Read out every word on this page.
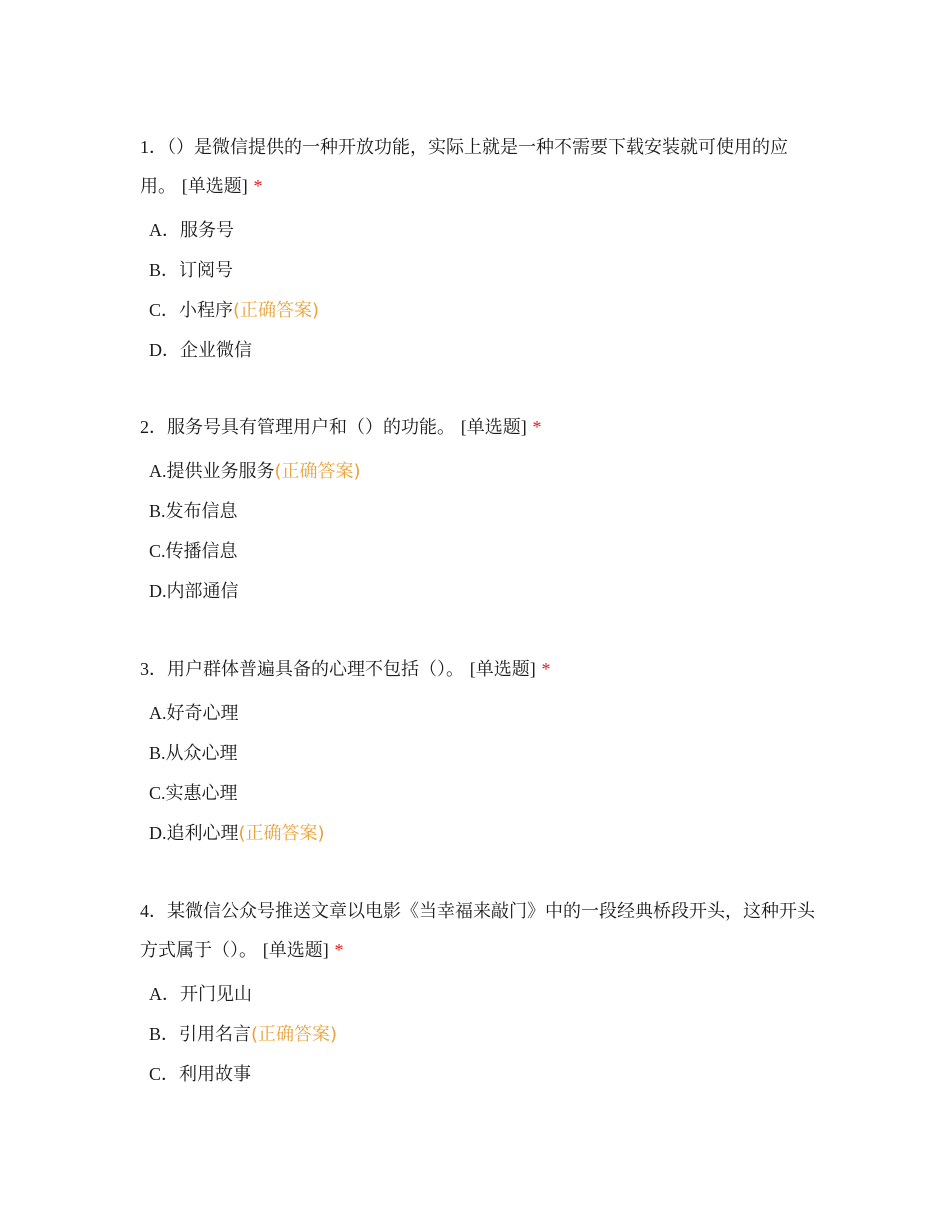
1．（）是微信提供的一种开放功能，实际上就是一种不需要下载安装就可使用的应用。 [单选题] *

A．服务号
B．订阅号
C．小程序(正确答案)
D．企业微信

2．服务号具有管理用户和（）的功能。 [单选题] *

A.提供业务服务(正确答案)
B.发布信息
C.传播信息
D.内部通信

3．用户群体普遍具备的心理不包括（）。 [单选题] *

A.好奇心理
B.从众心理
C.实惠心理
D.追利心理(正确答案)

4．某微信公众号推送文章以电影《当幸福来敲门》中的一段经典桥段开头，这种开头方式属于（）。 [单选题] *

A．开门见山
B．引用名言(正确答案)
C．利用故事
